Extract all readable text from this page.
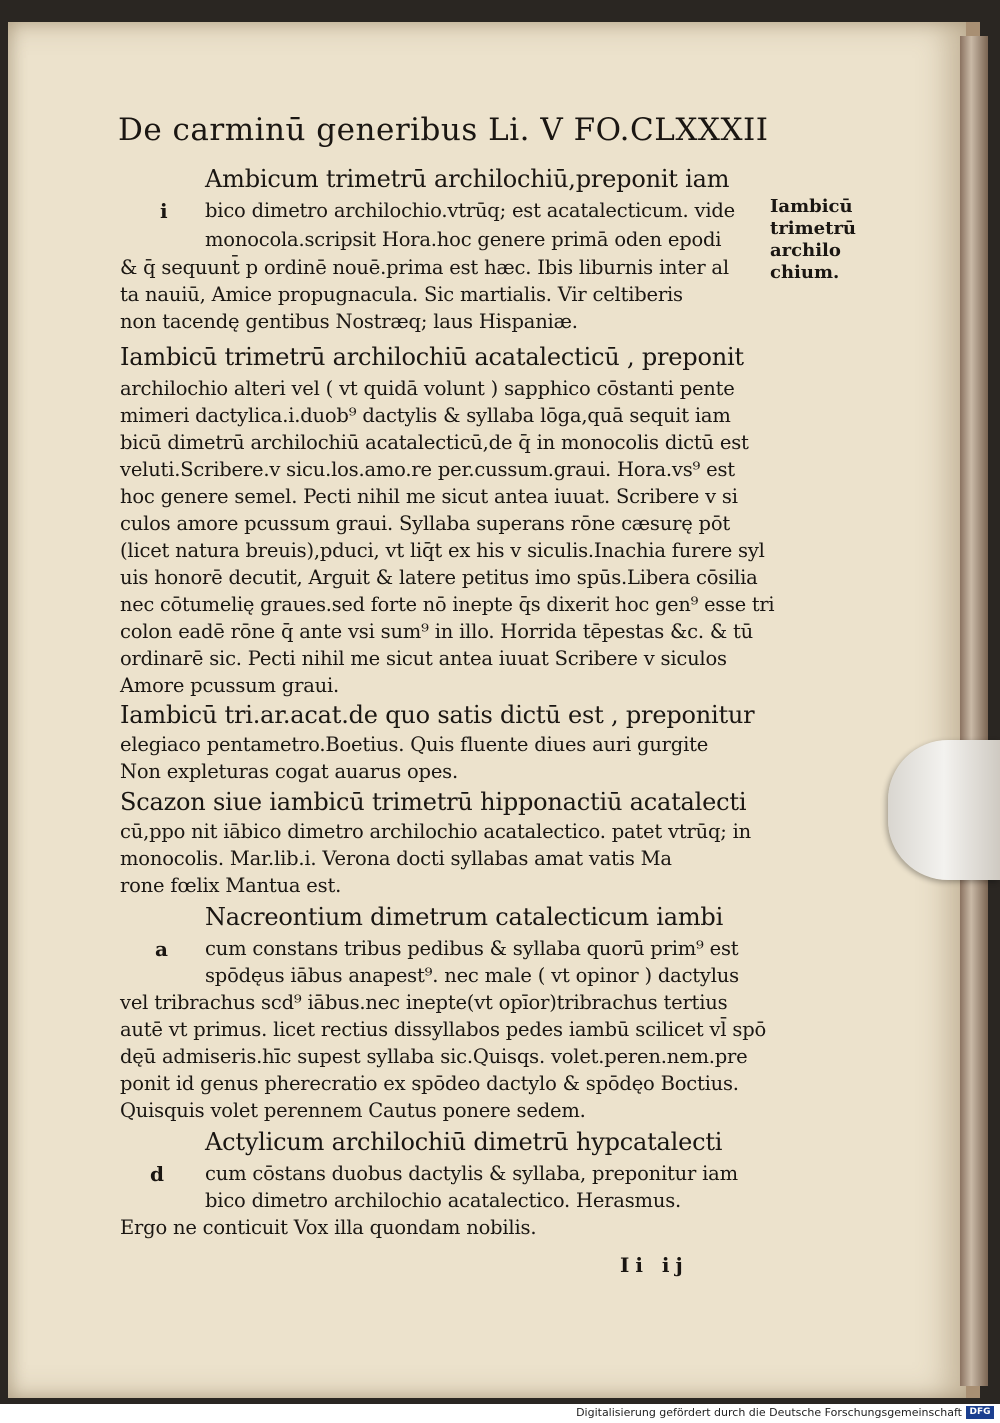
De carminū generibus Li. V FO.CLXXXII
Ambicum trimetrū archilochiū,preponit iam
bico dimetro archilochio.vtrūq; est acatalecticum. vide
monocola.scripsit Hora.hoc genere primā oden epodi
& q̄ sequunt̄ p ordinē nouē.prima est hæc. Ibis liburnis inter al
ta nauiū, Amice propugnacula. Sic martialis. Vir celtiberis
non tacendę gentibus Nostræq; laus Hispaniæ.
Iambicū trimetrū archilochiū acatalecticū , preponit
archilochio alteri vel ( vt quidā volunt ) sapphico cōstanti pente
mimeri dactylica.i.duob⁹ dactylis & syllaba lōga,quā sequit iam
bicū dimetrū archilochiū acatalecticū,de q̄ in monocolis dictū est
veluti.Scribere.v sicu.los.amo.re per.cussum.graui. Hora.vs⁹ est
hoc genere semel. Pecti nihil me sicut antea iuuat. Scribere v si
culos amore pcussum graui. Syllaba superans rōne cæsurę pōt
(licet natura breuis),pduci, vt liq̄t ex his v siculis.Inachia furere syl
uis honorē decutit, Arguit & latere petitus imo spūs.Libera cōsilia
nec cōtumelię graues.sed forte nō inepte q̄s dixerit hoc gen⁹ esse tri
colon eadē rōne q̄ ante vsi sum⁹ in illo. Horrida tēpestas &c. & tū
ordinarē sic. Pecti nihil me sicut antea iuuat Scribere v siculos
Amore pcussum graui.
Iambicū tri.ar.acat.de quo satis dictū est , preponitur
elegiaco pentametro.Boetius. Quis fluente diues auri gurgite
Non expleturas cogat auarus opes.
Scazon siue iambicū trimetrū hipponactiū acatalecti
cū,ppo nit iābico dimetro archilochio acatalectico. patet vtrūq; in
monocolis. Mar.lib.i. Verona docti syllabas amat vatis Ma
rone fœlix Mantua est.
Nacreontium dimetrum catalecticum iambi
cum constans tribus pedibus & syllaba quorū prim⁹ est
spōdęus iābus anapest⁹. nec male ( vt opinor ) dactylus
vel tribrachus scd⁹ iābus.nec inepte(vt opīor)tribrachus tertius
autē vt primus. licet rectius dissyllabos pedes iambū scilicet vl̄ spō
dęū admiseris.hīc supest syllaba sic.Quisqs. volet.peren.nem.pre
ponit id genus pherecratio ex spōdeo dactylo & spōdęo Boctius.
Quisquis volet perennem Cautus ponere sedem.
Actylicum archilochiū dimetrū hypcatalecti
cum cōstans duobus dactylis & syllaba, preponitur iam
bico dimetro archilochio acatalectico. Herasmus.
Ergo ne conticuit Vox illa quondam nobilis.
i
a
d
Iambicū
trimetrū
archilo
chium.
Ii ij
Digitalisierung gefördert durch die Deutsche Forschungsgemeinschaft DFG
